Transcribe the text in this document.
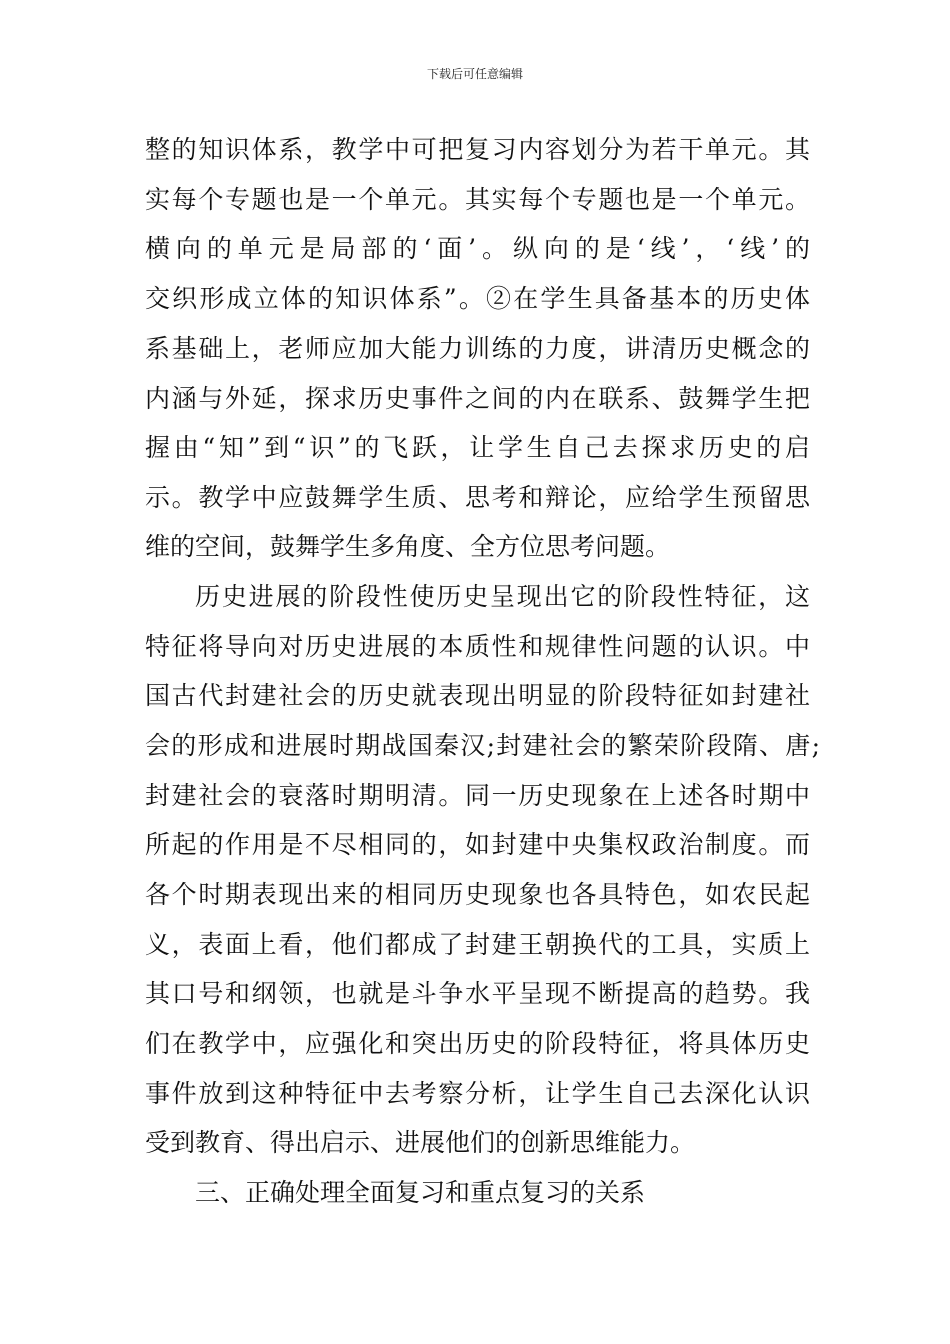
下载后可任意编辑
整的知识体系，教学中可把复习内容划分为若干单元。其
实每个专题也是一个单元。其实每个专题也是一个单元。
横向的单元是局部的‘面’。纵向的是‘线’，‘线’的
交织形成立体的知识体系”。②在学生具备基本的历史体
系基础上，老师应加大能力训练的力度，讲清历史概念的
内涵与外延，探求历史事件之间的内在联系、鼓舞学生把
握由“知”到“识”的飞跃，让学生自己去探求历史的启
示。教学中应鼓舞学生质、思考和辩论，应给学生预留思
维的空间，鼓舞学生多角度、全方位思考问题。
历史进展的阶段性使历史呈现出它的阶段性特征，这
特征将导向对历史进展的本质性和规律性问题的认识。中
国古代封建社会的历史就表现出明显的阶段特征如封建社
会的形成和进展时期战国秦汉;封建社会的繁荣阶段隋、唐;
封建社会的衰落时期明清。同一历史现象在上述各时期中
所起的作用是不尽相同的，如封建中央集权政治制度。而
各个时期表现出来的相同历史现象也各具特色，如农民起
义，表面上看，他们都成了封建王朝换代的工具，实质上
其口号和纲领，也就是斗争水平呈现不断提高的趋势。我
们在教学中，应强化和突出历史的阶段特征，将具体历史
事件放到这种特征中去考察分析，让学生自己去深化认识
受到教育、得出启示、进展他们的创新思维能力。
三、正确处理全面复习和重点复习的关系
